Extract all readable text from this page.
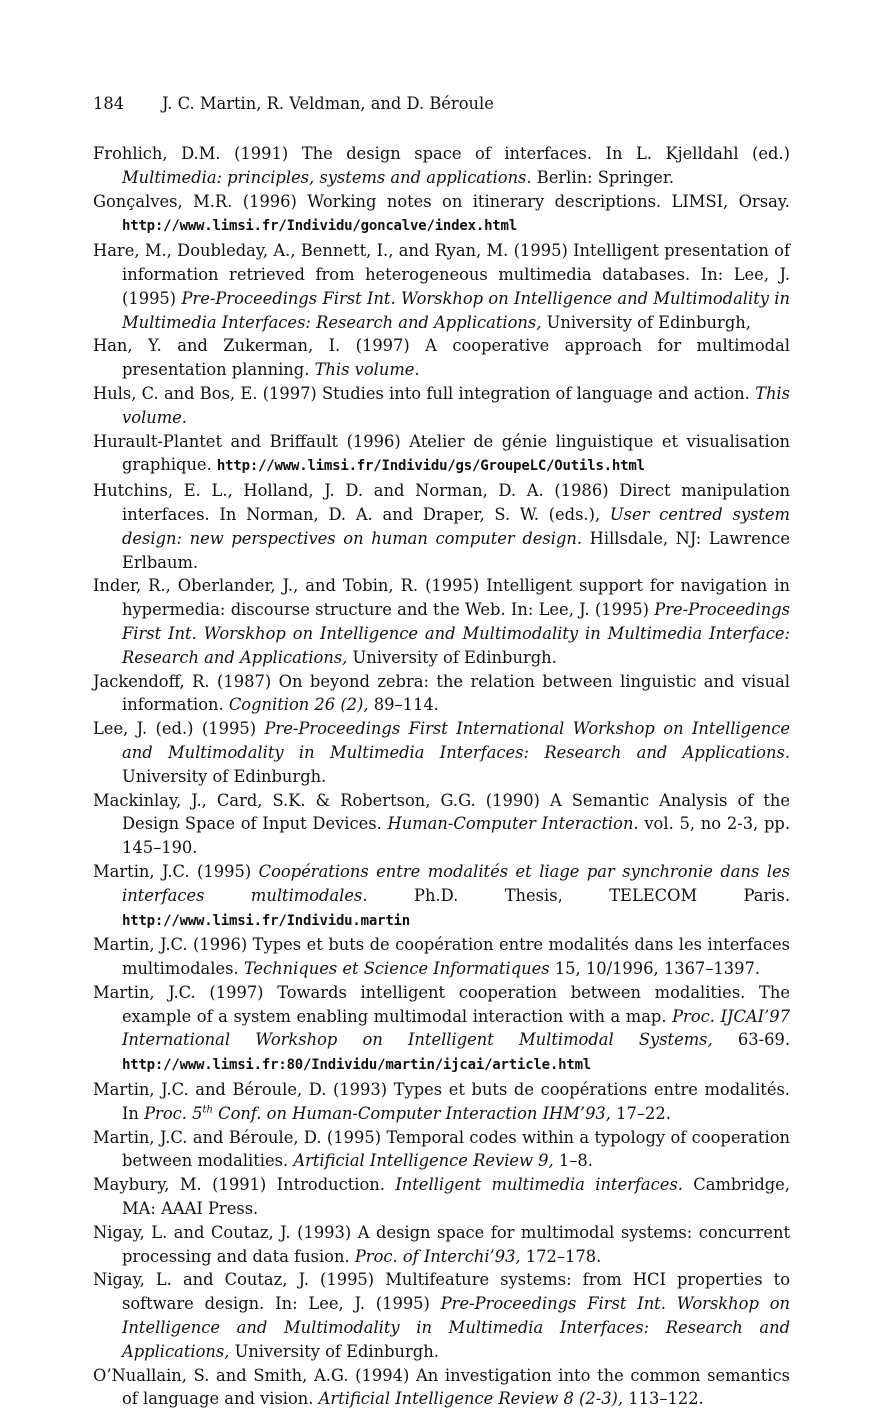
184 J. C. Martin, R. Veldman, and D. Béroule

Frohlich, D.M. (1991) The design space of interfaces. In L. Kjelldahl (ed.) Multimedia: principles, systems and applications. Berlin: Springer.

Gonçalves, M.R. (1996) Working notes on itinerary descriptions. LIMSI, Orsay. http://www.limsi.fr/Individu/goncalve/index.html

Hare, M., Doubleday, A., Bennett, I., and Ryan, M. (1995) Intelligent presentation of information retrieved from heterogeneous multimedia databases. In: Lee, J. (1995) Pre-Proceedings First Int. Worskhop on Intelligence and Multimodality in Multimedia Interfaces: Research and Applications, University of Edinburgh,

Han, Y. and Zukerman, I. (1997) A cooperative approach for multimodal presentation planning. This volume.

Huls, C. and Bos, E. (1997) Studies into full integration of language and action. This volume.

Hurault-Plantet and Briffault (1996) Atelier de génie linguistique et visualisation graphique. http://www.limsi.fr/Individu/gs/GroupeLC/Outils.html

Hutchins, E. L., Holland, J. D. and Norman, D. A. (1986) Direct manipulation interfaces. In Norman, D. A. and Draper, S. W. (eds.), User centred system design: new perspectives on human computer design. Hillsdale, NJ: Lawrence Erlbaum.

Inder, R., Oberlander, J., and Tobin, R. (1995) Intelligent support for navigation in hypermedia: discourse structure and the Web. In: Lee, J. (1995) Pre-Proceedings First Int. Worskhop on Intelligence and Multimodality in Multimedia Interface: Research and Applications, University of Edinburgh.

Jackendoff, R. (1987) On beyond zebra: the relation between linguistic and visual information. Cognition 26 (2), 89–114.

Lee, J. (ed.) (1995) Pre-Proceedings First International Workshop on Intelligence and Multimodality in Multimedia Interfaces: Research and Applications. University of Edinburgh.

Mackinlay, J., Card, S.K. & Robertson, G.G. (1990) A Semantic Analysis of the Design Space of Input Devices. Human-Computer Interaction. vol. 5, no 2-3, pp. 145–190.

Martin, J.C. (1995) Coopérations entre modalités et liage par synchronie dans les interfaces multimodales. Ph.D. Thesis, TELECOM Paris. http://www.limsi.fr/Individu.martin

Martin, J.C. (1996) Types et buts de coopération entre modalités dans les interfaces multimodales. Techniques et Science Informatiques 15, 10/1996, 1367–1397.

Martin, J.C. (1997) Towards intelligent cooperation between modalities. The example of a system enabling multimodal interaction with a map. Proc. IJCAI’97 International Workshop on Intelligent Multimodal Systems, 63-69. http://www.limsi.fr:80/Individu/martin/ijcai/article.html

Martin, J.C. and Béroule, D. (1993) Types et buts de coopérations entre modalités. In Proc. 5th Conf. on Human-Computer Interaction IHM’93, 17–22.

Martin, J.C. and Béroule, D. (1995) Temporal codes within a typology of cooperation between modalities. Artificial Intelligence Review 9, 1–8.

Maybury, M. (1991) Introduction. Intelligent multimedia interfaces. Cambridge, MA: AAAI Press.

Nigay, L. and Coutaz, J. (1993) A design space for multimodal systems: concurrent processing and data fusion. Proc. of Interchi’93, 172–178.

Nigay, L. and Coutaz, J. (1995) Multifeature systems: from HCI properties to software design. In: Lee, J. (1995) Pre-Proceedings First Int. Worskhop on Intelligence and Multimodality in Multimedia Interfaces: Research and Applications, University of Edinburgh.

O’Nuallain, S. and Smith, A.G. (1994) An investigation into the common semantics of language and vision. Artificial Intelligence Review 8 (2-3), 113–122.
